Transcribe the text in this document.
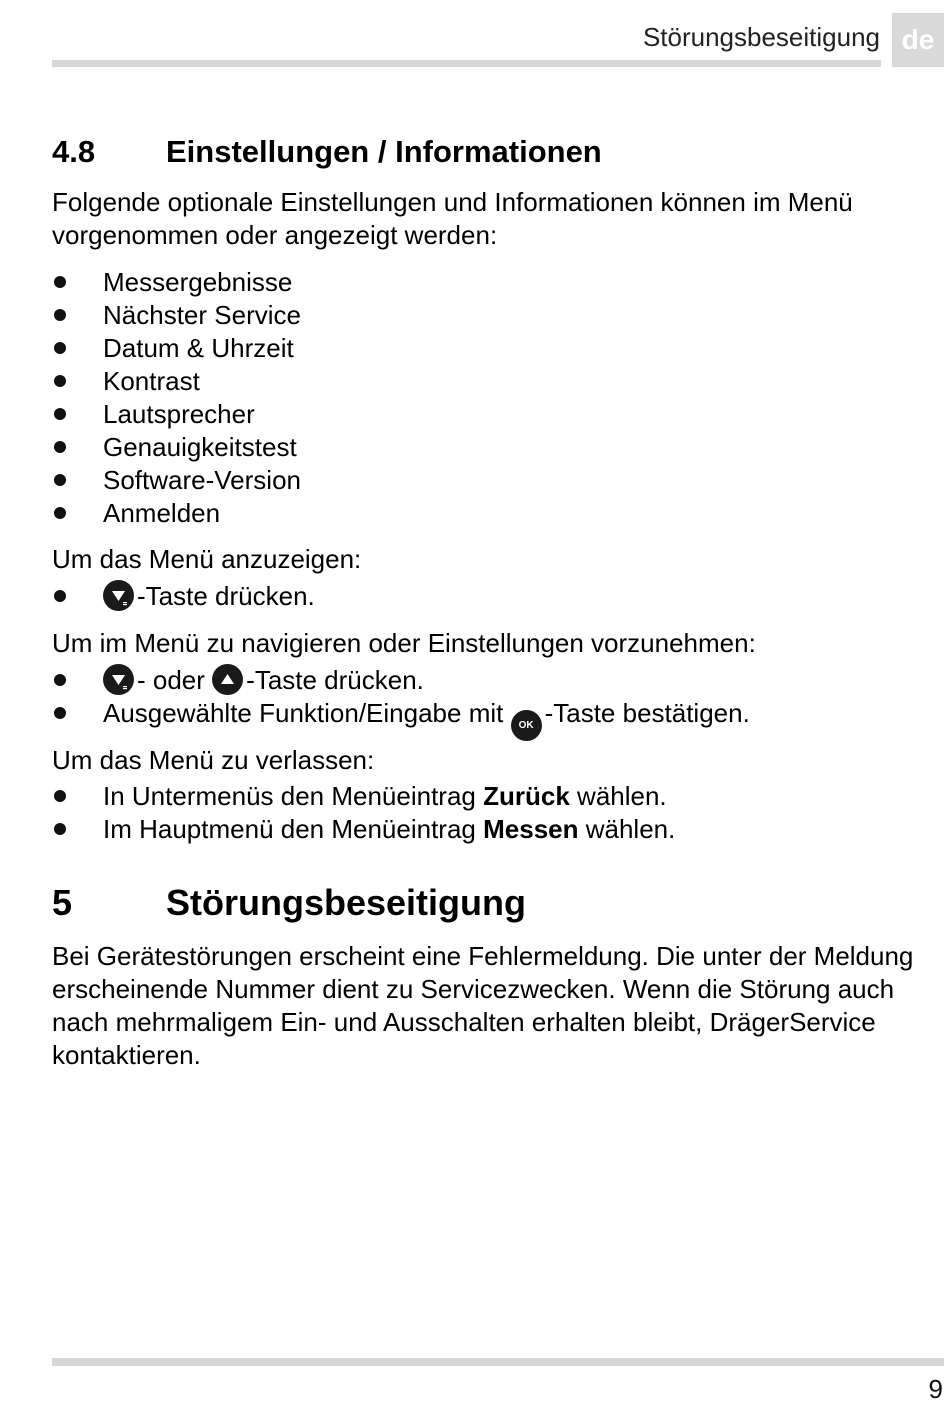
Störungsbeseitigung de
4.8	Einstellungen / Informationen

Folgende optionale Einstellungen und Informationen können im Menü vorgenommen oder angezeigt werden:

Messergebnisse
Nächster Service
Datum & Uhrzeit
Kontrast
Lautsprecher
Genauigkeitstest
Software-Version
Anmelden

Um das Menü anzuzeigen:

-Taste drücken.

Um im Menü zu navigieren oder Einstellungen vorzunehmen:

- oder
-Taste drücken.
Ausgewählte Funktion/Eingabe mit OK -Taste bestätigen.

Um das Menü zu verlassen:

In Untermenüs den Menüeintrag Zurück wählen.
Im Hauptmenü den Menüeintrag Messen wählen.
5	Störungsbeseitigung

Bei Gerätestörungen erscheint eine Fehlermeldung. Die unter der Meldung erscheinende Nummer dient zu Servicezwecken. Wenn die Störung auch nach mehrmaligem Ein- und Ausschalten erhalten bleibt, DrägerService kontaktieren.

9
